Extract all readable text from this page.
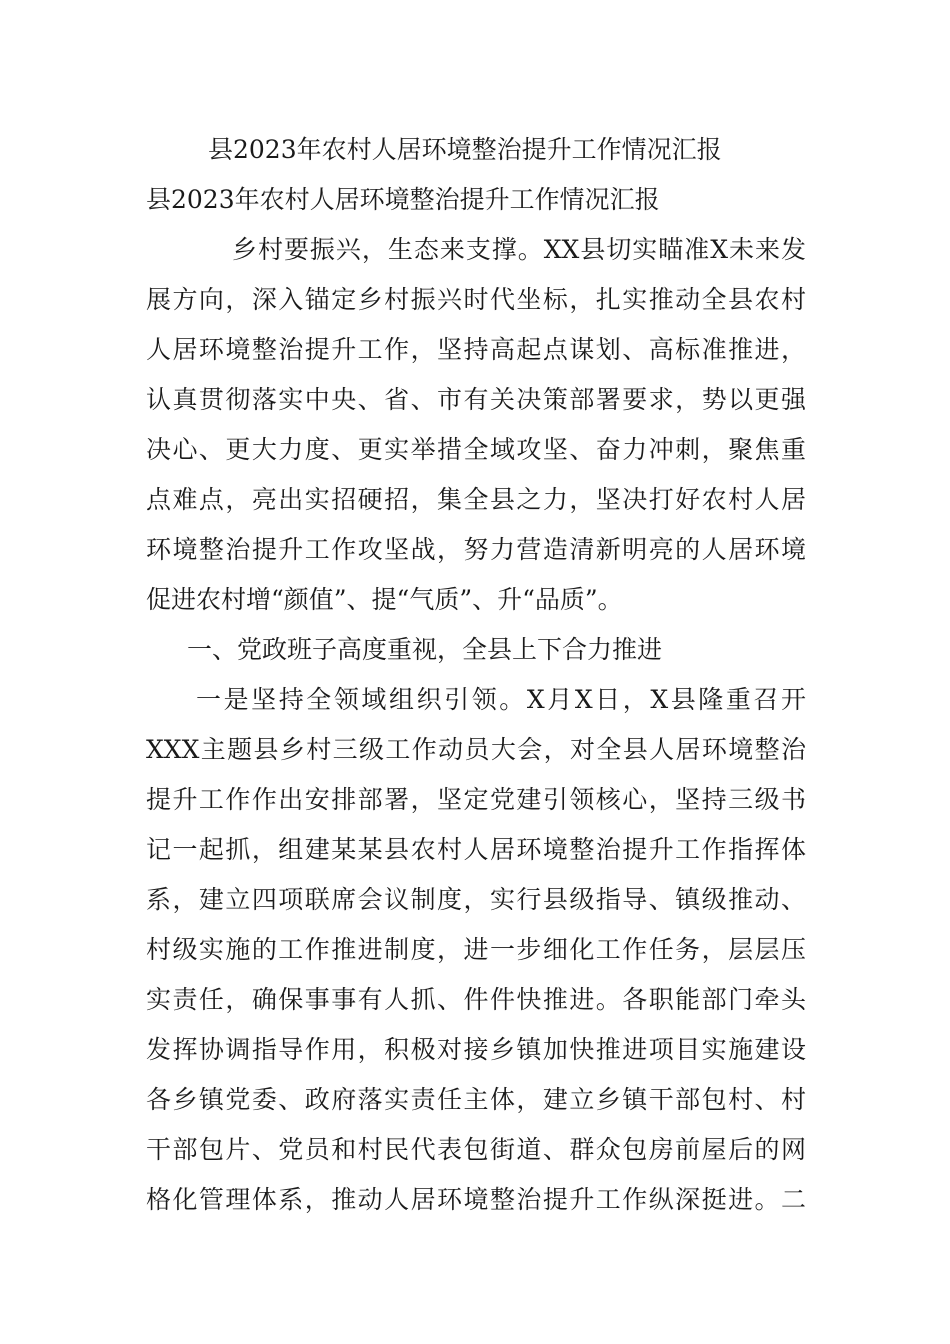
县2023年农村人居环境整治提升工作情况汇报
县2023年农村人居环境整治提升工作情况汇报
　乡村要振兴，生态来支撑。XX县切实瞄准X未来发
展方向，深入锚定乡村振兴时代坐标，扎实推动全县农村
人居环境整治提升工作，坚持高起点谋划、高标准推进，
认真贯彻落实中央、省、市有关决策部署要求，势以更强
决心、更大力度、更实举措全域攻坚、奋力冲刺，聚焦重
点难点，亮出实招硬招，集全县之力，坚决打好农村人居
环境整治提升工作攻坚战，努力营造清新明亮的人居环境
促进农村增“颜值”、提“气质”、升“品质”。
一、党政班子高度重视，全县上下合力推进
一是坚持全领域组织引领。X月X日，X县隆重召开
XXX主题县乡村三级工作动员大会，对全县人居环境整治
提升工作作出安排部署，坚定党建引领核心，坚持三级书
记一起抓，组建某某县农村人居环境整治提升工作指挥体
系，建立四项联席会议制度，实行县级指导、镇级推动、
村级实施的工作推进制度，进一步细化工作任务，层层压
实责任，确保事事有人抓、件件快推进。各职能部门牵头
发挥协调指导作用，积极对接乡镇加快推进项目实施建设
各乡镇党委、政府落实责任主体，建立乡镇干部包村、村
干部包片、党员和村民代表包街道、群众包房前屋后的网
格化管理体系，推动人居环境整治提升工作纵深挺进。二
